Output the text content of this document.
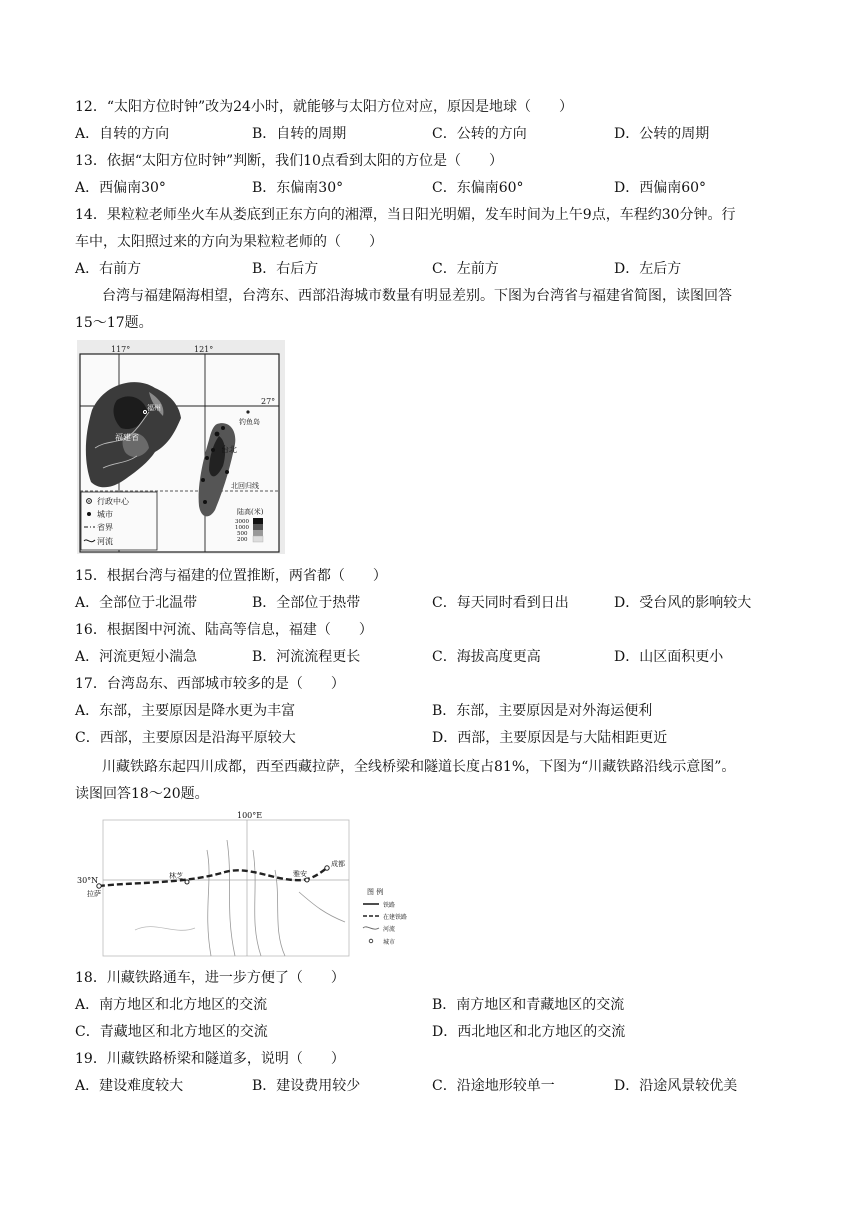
12．“太阳方位时钟”改为24小时，就能够与太阳方位对应，原因是地球（　　）
A．自转的方向	B．自转的周期	C．公转的方向	D．公转的周期
13．依据“太阳方位时钟”判断，我们10点看到太阳的方位是（　　）
A．西偏南30°	B．东偏南30°	C．东偏南60°	D．西偏南60°
14．果粒粒老师坐火车从娄底到正东方向的湘潭，当日阳光明媚，发车时间为上午9点，车程约30分钟。行
车中，太阳照过来的方向为果粒粒老师的（　　）
A．右前方	B．右后方	C．左前方	D．左后方
台湾与福建隔海相望，台湾东、西部沿海城市数量有明显差别。下图为台湾省与福建省简图，读图回答
15～17题。
117°	121°
27°
福州
福建省
钓鱼岛
台北
北回归线
行政中心
城市
省界
河流
陆高(米)
3000
1000
500
200
15．根据台湾与福建的位置推断，两省都（　　）
A．全部位于北温带	B．全部位于热带	C．每天同时看到日出	D．受台风的影响较大
16．根据图中河流、陆高等信息，福建（　　）
A．河流更短小湍急	B．河流流程更长	C．海拔高度更高	D．山区面积更小
17．台湾岛东、西部城市较多的是（　　）
A．东部，主要原因是降水更为丰富	B．东部，主要原因是对外海运便利
C．西部，主要原因是沿海平原较大	D．西部，主要原因是与大陆相距更近
川藏铁路东起四川成都，西至西藏拉萨，全线桥梁和隧道长度占81%，下图为“川藏铁路沿线示意图”。
读图回答18～20题。
100°E
30°N
拉萨
林芝	雅安
成都
图 例
铁路
在建铁路
河流
城市
18．川藏铁路通车，进一步方便了（　　）
A．南方地区和北方地区的交流	B．南方地区和青藏地区的交流
C．青藏地区和北方地区的交流	D．西北地区和北方地区的交流
19．川藏铁路桥梁和隧道多，说明（　　）
A．建设难度较大	B．建设费用较少	C．沿途地形较单一	D．沿途风景较优美
